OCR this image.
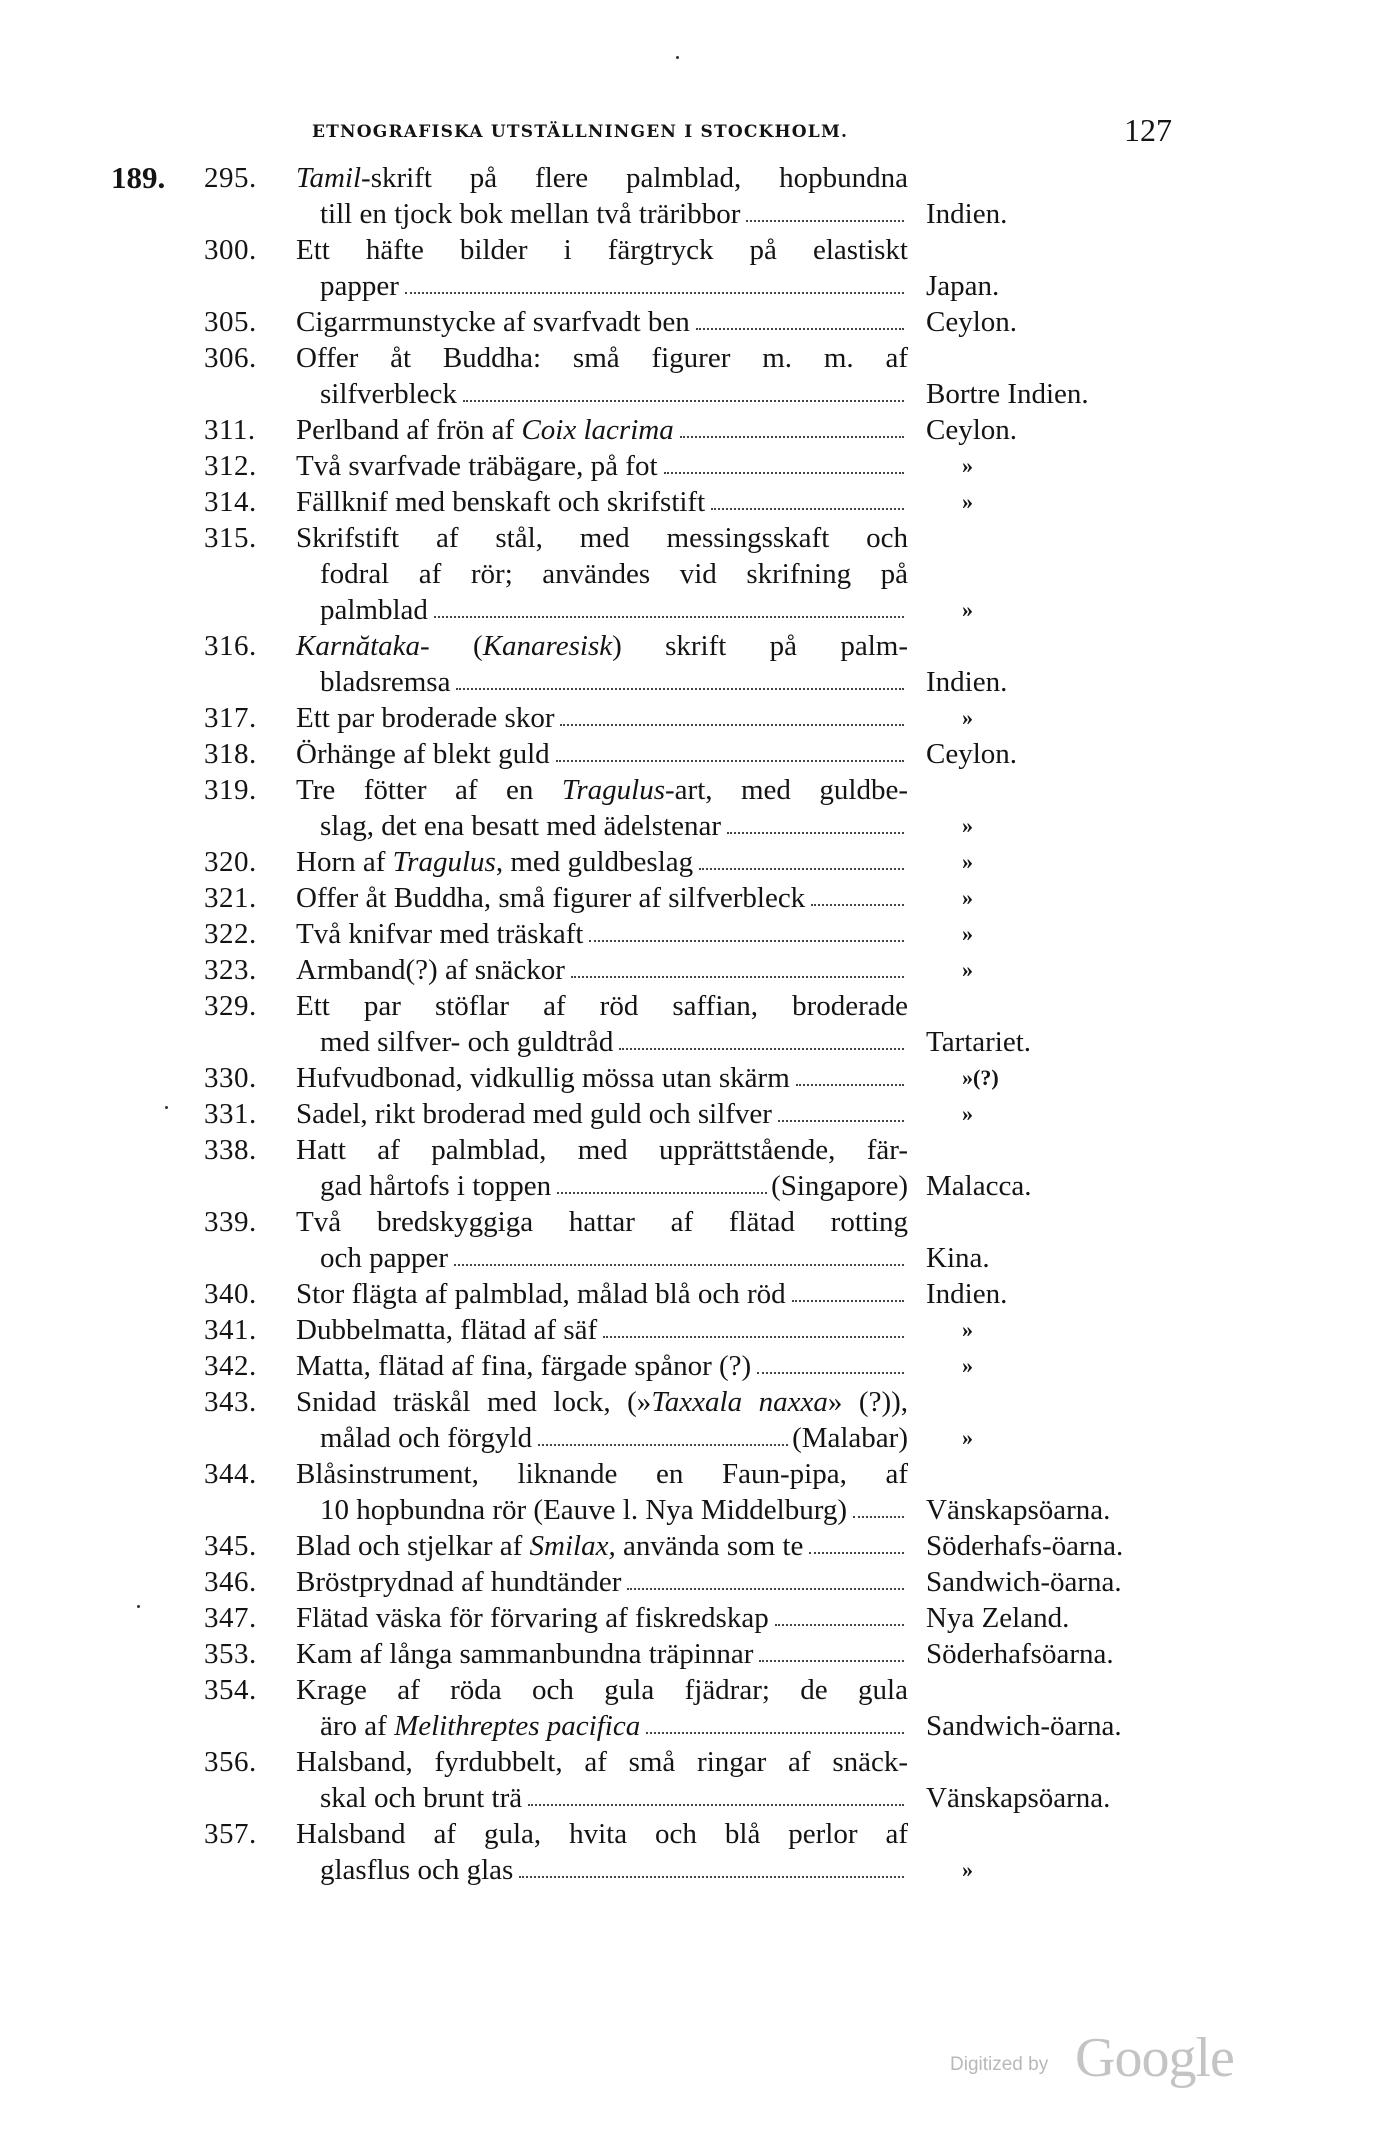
ETNOGRAFISKA UTSTÄLLNINGEN I STOCKHOLM.	127
189. 295. Tamil-skrift på flere palmblad, hopbundna
till en tjock bok mellan två träribbor	Indien.
300. Ett häfte bilder i färgtryck på elastiskt
papper	Japan.
305. Cigarrmunstycke af svarfvadt ben	Ceylon.
306. Offer åt Buddha: små figurer m. m. af
silfverbleck	Bortre Indien.
311. Perlband af frön af Coix lacrima	Ceylon.
312. Två svarfvade träbägare, på fot	»
314. Fällknif med benskaft och skrifstift	»
315. Skrifstift af stål, med messingsskaft och
fodral af rör; användes vid skrifning på
palmblad	»
316. Karnătaka- (Kanaresisk) skrift på palm-
bladsremsa	Indien.
317. Ett par broderade skor	»
318. Örhänge af blekt guld	Ceylon.
319. Tre fötter af en Tragulus-art, med guldbe-
slag, det ena besatt med ädelstenar	»
320. Horn af Tragulus, med guldbeslag	»
321. Offer åt Buddha, små figurer af silfverbleck	»
322. Två knifvar med träskaft	»
323. Armband(?) af snäckor	»
329. Ett par stöflar af röd saffian, broderade
med silfver- och guldtråd	Tartariet.
330. Hufvudbonad, vidkullig mössa utan skärm	»(?)
331. Sadel, rikt broderad med guld och silfver	»
338. Hatt af palmblad, med upprättstående, fär-
gad hårtofs i toppen	(Singapore) Malacca.
339. Två bredskyggiga hattar af flätad rotting
och papper	Kina.
340. Stor flägta af palmblad, målad blå och röd	Indien.
341. Dubbelmatta, flätad af säf	»
342. Matta, flätad af fina, färgade spånor (?)	»
343. Snidad träskål med lock, (»Taxxala naxxa» (?)),
målad och förgyld	(Malabar) »
344. Blåsinstrument, liknande en Faun-pipa, af
10 hopbundna rör (Eauve l. Nya Middelburg)	Vänskapsöarna.
345. Blad och stjelkar af Smilax, använda som te	Söderhafs-öarna.
346. Bröstprydnad af hundtänder	Sandwich-öarna.
347. Flätad väska för förvaring af fiskredskap	Nya Zeland.
353. Kam af långa sammanbundna träpinnar	Söderhafsöarna.
354. Krage af röda och gula fjädrar; de gula
äro af Melithreptes pacifica	Sandwich-öarna.
356. Halsband, fyrdubbelt, af små ringar af snäck-
skal och brunt trä	Vänskapsöarna.
357. Halsband af gula, hvita och blå perlor af
glasflus och glas	»
Digitized by Google
